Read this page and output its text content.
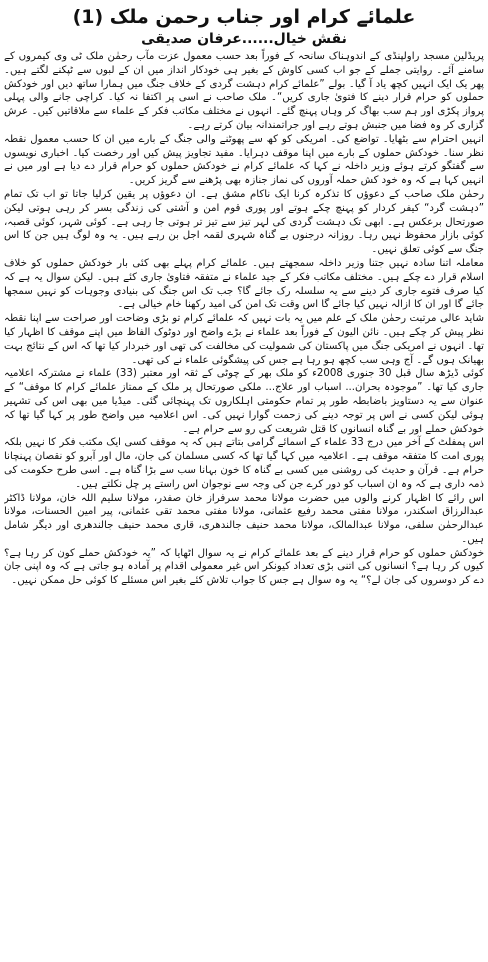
علمائے کرام اور جناب رحمن ملک (1)
نقش خیال......عرفان صدیقی

پریڈلین مسجد راولپنڈی کے اندوہناک سانحہ کے فوراً بعد حسب معمول عزت مآب رحمٰن ملک ٹی وی کیمروں کے سامنے آئے۔ روایتی جملے کے جو اب کسی کاوش کے بغیر ہی خودکار انداز میں ان کے لبوں سے ٹپکنے لگتے ہیں۔ پھر یک ایک انہیں کچھ یاد آ گیا۔ بولے ”علمائے کرام دہشت گردی کے خلاف جنگ میں ہمارا ساتھ دیں اور خودکش حملوں کو حرام قرار دینے کا فتویٰ جاری کریں“۔ ملک صاحب نے اسی پر اکتفا نہ کیا۔ کراچی جانے والی پہلی پرواز پکڑی اور ہم سب بھاگ کر وہاں پہنچ گئے۔ انہوں نے مختلف مکاتب فکر کے علماء سے ملاقاتیں کیں۔ عرش گزاری کر وہ فضا میں جنبش ہوتے رہے اور جراتمندانہ بیان کرتے رہے۔

انہیں احترام سے بٹھایا۔ تواضع کی۔ امریکی کو کھ سے پھوٹنے والی جنگ کے بارے میں ان کا حسب معمول نقطہ نظر سنا۔ خودکش حملوں کے بارے میں اپنا موقف دہرایا۔ مفید تجاویز پیش کیں اور رخصت کیا۔ اخباری نویسوں سے گفتگو کرتے ہوئے وزیر داخلہ نے کہا کہ علمائے کرام نے خودکش حملوں کو حرام قرار دے دیا ہے اور میں نے انہیں کہا ہے کہ وہ خود کش حملہ آوروں کی نماز جنازہ بھی پڑھنے سے گریز کریں۔

رحمٰن ملک صاحب کے دعوؤں کا تذکرہ کرنا ایک ناکام مشق ہے۔ ان دعوؤں پر یقین کرلیا جاتا تو اب تک تمام ”دہشت گرد“ کیفر کردار کو پہنچ چکے ہوتے اور پوری قوم امن و آشتی کی زندگی بسر کر رہی ہوتی لیکن صورتحال برعکس ہے۔ ابھی تک دہشت گردی کی لہر تیز سے تیز تر ہوتی جا رہی ہے۔ کوئی شہر، کوئی قصبہ، کوئی بازار محفوظ نہیں رہا۔ روزانہ درجنوں بے گناہ شہری لقمہ اجل بن رہے ہیں۔ یہ وہ لوگ ہیں جن کا اس جنگ سے کوئی تعلق نہیں۔

معاملہ اتنا سادہ نہیں جتنا وزیر داخلہ سمجھتے ہیں۔ علمائے کرام پہلے بھی کئی بار خودکش حملوں کو خلاف اسلام قرار دے چکے ہیں۔ مختلف مکاتب فکر کے جید علماء نے متفقہ فتاویٰ جاری کئے ہیں۔ لیکن سوال یہ ہے کہ کیا صرف فتوے جاری کر دینے سے یہ سلسلہ رک جائے گا؟ جب تک اس جنگ کی بنیادی وجوہات کو نہیں سمجھا جائے گا اور ان کا ازالہ نہیں کیا جائے گا اس وقت تک امن کی امید رکھنا خام خیالی ہے۔

شاید عالی مرتبت رحمٰن ملک کے علم میں یہ بات نہیں کہ علمائے کرام تو بڑی وضاحت اور صراحت سے اپنا نقطہ نظر پیش کر چکے ہیں۔ نائن الیون کے فوراً بعد علماء نے بڑے واضح اور دوٹوک الفاظ میں اپنے موقف کا اظہار کیا تھا۔ انہوں نے امریکی جنگ میں پاکستان کی شمولیت کی مخالفت کی تھی اور خبردار کیا تھا کہ اس کے نتائج بہت بھیانک ہوں گے۔ آج وہی سب کچھ ہو رہا ہے جس کی پیشگوئی علماء نے کی تھی۔

کوئی ڈیڑھ سال قبل 30 جنوری 2008ء کو ملک بھر کے چوٹی کے ثقہ اور معتبر (33) علماء نے مشترکہ اعلامیہ جاری کیا تھا۔ ”موجودہ بحران... اسباب اور علاج... ملکی صورتحال پر ملک کے ممتاز علمائے کرام کا موقف“ کے عنوان سے یہ دستاویز باضابطہ طور پر تمام حکومتی اہلکاروں تک پہنچائی گئی۔ میڈیا میں بھی اس کی تشہیر ہوئی لیکن کسی نے اس پر توجہ دینے کی زحمت گوارا نہیں کی۔ اس اعلامیہ میں واضح طور پر کہا گیا تھا کہ خودکش حملے اور بے گناہ انسانوں کا قتل شریعت کی رو سے حرام ہے۔

اس پمفلٹ کے آخر میں درج 33 علماء کے اسمائے گرامی بتاتے ہیں کہ یہ موقف کسی ایک مکتب فکر کا نہیں بلکہ پوری امت کا متفقہ موقف ہے۔ اعلامیہ میں کہا گیا تھا کہ کسی مسلمان کی جان، مال اور آبرو کو نقصان پہنچانا حرام ہے۔ قرآن و حدیث کی روشنی میں کسی بے گناہ کا خون بہانا سب سے بڑا گناہ ہے۔ اسی طرح حکومت کی ذمہ داری ہے کہ وہ ان اسباب کو دور کرے جن کی وجہ سے نوجوان اس راستے پر چل نکلتے ہیں۔

اس رائے کا اظہار کرنے والوں میں حضرت مولانا محمد سرفراز خان صفدر، مولانا سلیم اللہ خان، مولانا ڈاکٹر عبدالرزاق اسکندر، مولانا مفتی محمد رفیع عثمانی، مولانا مفتی محمد تقی عثمانی، پیر امین الحسنات، مولانا عبدالرحمٰن سلفی، مولانا عبدالمالک، مولانا محمد حنیف جالندھری، قاری محمد حنیف جالندھری اور دیگر شامل ہیں۔

خودکش حملوں کو حرام قرار دینے کے بعد علمائے کرام نے یہ سوال اٹھایا کہ ”یہ خودکش حملے کون کر رہا ہے؟ کیوں کر رہا ہے؟ انسانوں کی اتنی بڑی تعداد کیونکر اس غیر معمولی اقدام پر آمادہ ہو جاتی ہے کہ وہ اپنی جان دے کر دوسروں کی جان لے؟“ یہ وہ سوال ہے جس کا جواب تلاش کئے بغیر اس مسئلے کا کوئی حل ممکن نہیں۔
